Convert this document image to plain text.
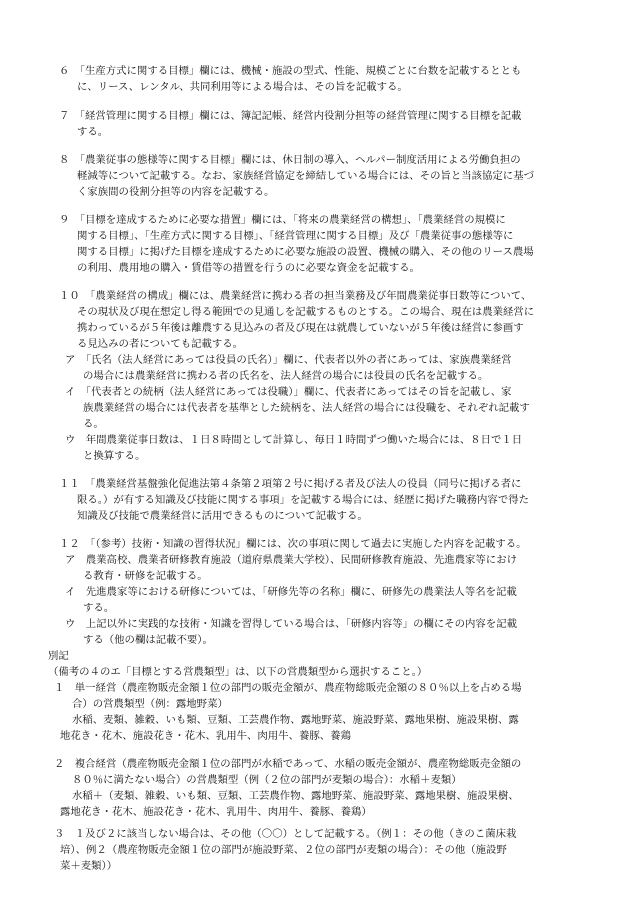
６　「生産方式に関する目標」欄には、機械・施設の型式、性能、規模ごとに台数を記載するととも
に、リース、レンタル、共同利用等による場合は、その旨を記載する。
７　「経営管理に関する目標」欄には、簿記記帳、経営内役割分担等の経営管理に関する目標を記載
する。
８　「農業従事の態様等に関する目標」欄には、休日制の導入、ヘルパー制度活用による労働負担の
軽減等について記載する。なお、家族経営協定を締結している場合には、その旨と当該協定に基づ
く家族間の役割分担等の内容を記載する。
９　「目標を達成するために必要な措置」欄には、「将来の農業経営の構想」、「農業経営の規模に
関する目標」、「生産方式に関する目標」、「経営管理に関する目標」及び「農業従事の態様等に
関する目標」に掲げた目標を達成するために必要な施設の設置、機械の購入、その他のリース農場
の利用、農用地の購入・賃借等の措置を行うのに必要な資金を記載する。
１０　「農業経営の構成」欄には、農業経営に携わる者の担当業務及び年間農業従事日数等について、
その現状及び現在想定し得る範囲での見通しを記載するものとする。この場合、現在は農業経営に
携わっているが５年後は離農する見込みの者及び現在は就農していないが５年後は経営に参画す
る見込みの者についても記載する。
ア　「氏名（法人経営にあっては役員の氏名）」欄に、代表者以外の者にあっては、家族農業経営
の場合には農業経営に携わる者の氏名を、法人経営の場合には役員の氏名を記載する。
イ　「代表者との続柄（法人経営にあっては役職）」欄に、代表者にあってはその旨を記載し、家
族農業経営の場合には代表者を基準とした続柄を、法人経営の場合には役職を、それぞれ記載す
る。
ウ　年間農業従事日数は、１日８時間として計算し、毎日１時間ずつ働いた場合には、８日で１日
と換算する。
１１　「農業経営基盤強化促進法第４条第２項第２号に掲げる者及び法人の役員（同号に掲げる者に
限る。）が有する知識及び技能に関する事項」を記載する場合には、経歴に掲げた職務内容で得た
知識及び技能で農業経営に活用できるものについて記載する。
１２　「（参考）技術・知識の習得状況」欄には、次の事項に関して過去に実施した内容を記載する。
ア　農業高校、農業者研修教育施設（道府県農業大学校）、民間研修教育施設、先進農家等におけ
る教育・研修を記載する。
イ　先進農家等における研修については、「研修先等の名称」欄に、研修先の農業法人等名を記載
する。
ウ　上記以外に実践的な技術・知識を習得している場合は、「研修内容等」の欄にその内容を記載
する（他の欄は記載不要）。
別記
（備考の４のエ「目標とする営農類型」は、以下の営農類型から選択すること。）
１　単一経営（農産物販売金額１位の部門の販売金額が、農産物総販売金額の８０％以上を占める場
合）の営農類型（例：露地野菜）
水稲、麦類、雑穀、いも類、豆類、工芸農作物、露地野菜、施設野菜、露地果樹、施設果樹、露
地花き・花木、施設花き・花木、乳用牛、肉用牛、養豚、養鶏
２　複合経営（農産物販売金額１位の部門が水稲であって、水稲の販売金額が、農産物総販売金額の
８０％に満たない場合）の営農類型（例（２位の部門が麦類の場合）：水稲＋麦類）
水稲＋（麦類、雑穀、いも類、豆類、工芸農作物、露地野菜、施設野菜、露地果樹、施設果樹、
露地花き・花木、施設花き・花木、乳用牛、肉用牛、養豚、養鶏）
３　１及び２に該当しない場合は、その他（〇〇）として記載する。（例１：その他（きのこ菌床栽
培）、例２（農産物販売金額１位の部門が施設野菜、２位の部門が麦類の場合）：その他（施設野
菜＋麦類））
